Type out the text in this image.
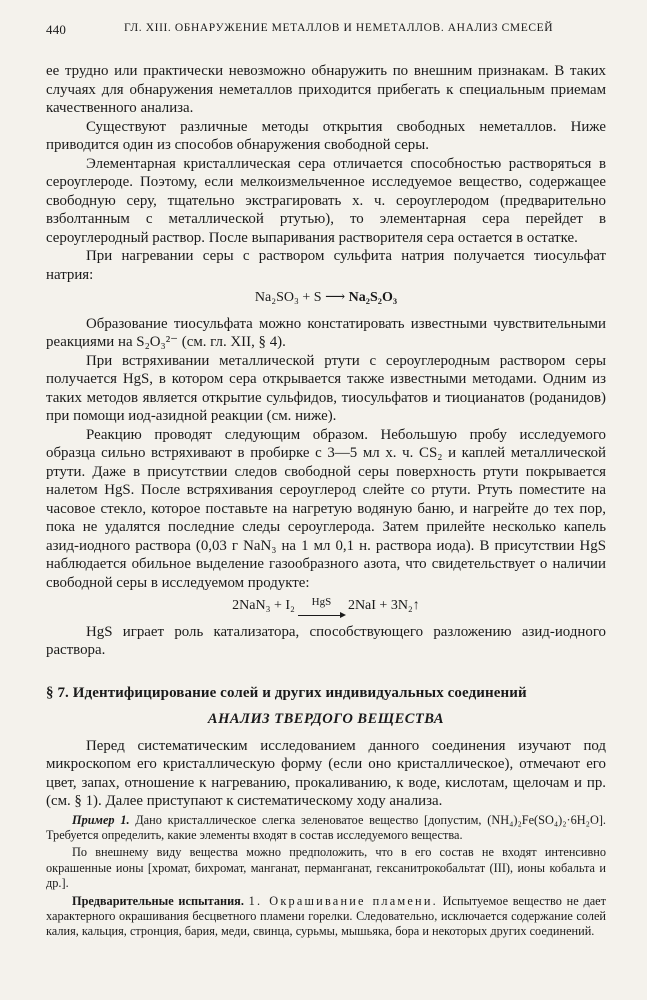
440	ГЛ. XIII. ОБНАРУЖЕНИЕ МЕТАЛЛОВ И НЕМЕТАЛЛОВ. АНАЛИЗ СМЕСЕЙ

ее трудно или практически невозможно обнаружить по внешним признакам. В таких случаях для обнаружения неметаллов приходится прибегать к специальным приемам качественного анализа.

Существуют различные методы открытия свободных неметаллов. Ниже приводится один из способов обнаружения свободной серы.

Элементарная кристаллическая сера отличается способностью растворяться в сероуглероде. Поэтому, если мелкоизмельченное исследуемое вещество, содержащее свободную серу, тщательно экстрагировать х. ч. сероуглеродом (предварительно взболтанным с металлической ртутью), то элементарная сера перейдет в сероуглеродный раствор. После выпаривания растворителя сера остается в остатке.

При нагревании серы с раствором сульфита натрия получается тиосульфат натрия:

Na₂SO₃ + S ⟶ Na₂S₂O₃

Образование тиосульфата можно констатировать известными чувствительными реакциями на S₂O₃²⁻ (см. гл. XII, § 4).

При встряхивании металлической ртути с сероуглеродным раствором серы получается HgS, в котором сера открывается также известными методами. Одним из таких методов является открытие сульфидов, тиосульфатов и тиоцианатов (роданидов) при помощи иод-азидной реакции (см. ниже).

Реакцию проводят следующим образом. Небольшую пробу исследуемого образца сильно встряхивают в пробирке с 3—5 мл х. ч. CS₂ и каплей металлической ртути. Даже в присутствии следов свободной серы поверхность ртути покрывается налетом HgS. После встряхивания сероуглерод слейте со ртути. Ртуть поместите на часовое стекло, которое поставьте на нагретую водяную баню, и нагрейте до тех пор, пока не удалятся последние следы сероуглерода. Затем прилейте несколько капель азид-иодного раствора (0,03 г NaN₃ на 1 мл 0,1 н. раствора иода). В присутствии HgS наблюдается обильное выделение газообразного азота, что свидетельствует о наличии свободной серы в исследуемом продукте:

2NaN₃ + I₂	HgS	2NaI + 3N₂↑

HgS играет роль катализатора, способствующего разложению азид-иодного раствора.

§ 7. Идентифицирование солей и других индивидуальных соединений
АНАЛИЗ ТВЕРДОГО ВЕЩЕСТВА

Перед систематическим исследованием данного соединения изучают под микроскопом его кристаллическую форму (если оно кристаллическое), отмечают его цвет, запах, отношение к нагреванию, прокаливанию, к воде, кислотам, щелочам и пр. (см. § 1). Далее приступают к систематическому ходу анализа.

Пример 1. Дано кристаллическое слегка зеленоватое вещество [допустим, (NH₄)₂Fe(SO₄)₂·6H₂O]. Требуется определить, какие элементы входят в состав исследуемого вещества.

По внешнему виду вещества можно предположить, что в его состав не входят интенсивно окрашенные ионы [хромат, бихромат, манганат, перманганат, гексанитрокобальтат (III), ионы кобальта и др.].

Предварительные испытания. 1. Окрашивание пламени. Испытуемое вещество не дает характерного окрашивания бесцветного пламени горелки. Следовательно, исключается содержание солей калия, кальция, стронция, бария, меди, свинца, сурьмы, мышьяка, бора и некоторых других соединений.
